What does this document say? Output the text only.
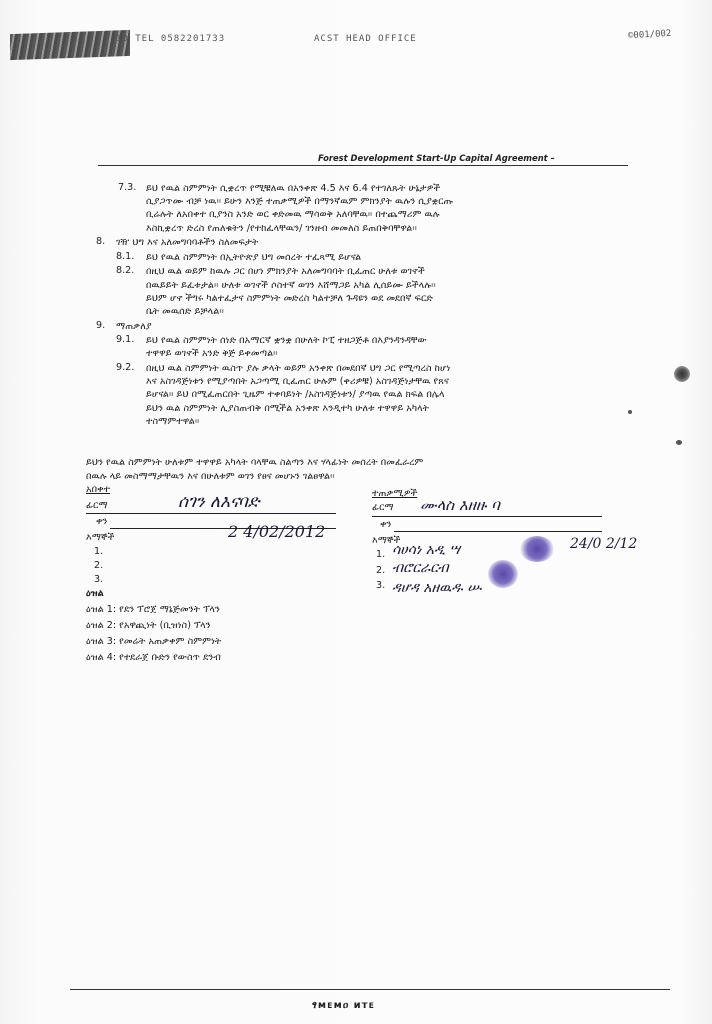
10 TEL 0582201733	ACST HEAD OFFICE	©001/002
Forest Development Start-Up Capital Agreement –
7.3. ይህ የዉል ስምምነት ሲቋረጥ የሚቹለዉ በአንቀጽ 4.5 እና 6.4 የተገለጹት ሁኔታዎች
ሲያጋጥሙ ብቻ ነዉ፡፡ ይሁን እንጅ ተጠቃሚዎች በማንኛዉም ምክንያት ዉሉን ሲያቋርጡ
ቢሬሉት ለአበቀተ ቢያንስ አንድ ወር ቀድመዉ ማሳወቅ አለባቸዉ፡፡ በተጨማሪም ዉሉ
እስኪቋረጥ ድረስ የጠለቁትን /የተከፈላቸዉን/ ገንዘብ መመለስ ይጠበቅባቸዋል፡፡
8. ገዥ ህግ እና አለመግባባቶችን ስለመፍታት
8.1. ይህ የዉል ስምምነት በኢትዮጵያ ህግ መሰረት ተፈጻሚ ይሆናል
8.2. በዚህ ዉል ወይም ከዉሉ ጋር በሆነ ምክንያት አለመግባባት ቢፈጠር ሁለቱ ወገኖች
በዉይይት ይፈቱታል፡፡ ሁለቱ ወገኖች ሶስተኛ ወገን እሸማጋይ አካል ሊሰይሙ ይችላሉ፡፡
ይህም ሆኖ ችግሩ ካልተፈታና ስምምነት መድረስ ካልተቻለ ጉዳዩን ወደ መደበኛ ፍርድ
ቤት መዉሰድ ይቻላል፡፡
9. ማጠቃለያ
9.1. ይህ የዉል ስምምነት ሰነድ በአማርኛ ቋንቋ በሁለት ኮፒ ተዘጋጅቶ በእያንዳንዳቸው
ተዋዋይ ወገኖች አንድ ቅጅ ይቀመጣል፡፡
9.2. በዚህ ዉል ስምምነት ዉስጥ ያሉ ቃላት ወይም አንቀጽ በመደበኛ ህግ ጋር የሚጣረስ ከሆነ
እና አስገዳጅነቱን የሚያጣበት አጋጣሚ ቢፈጠር ሁሉም (ቀሪዎቹ) አስገዳጅነታቸዉ የጸና
ይሆናል፡፡ ይህ በሚፈጠርበት ጊዜም ተቀባይነት /አስገዳጅነቱን/ ያጣዉ የዉል ክፍል በሌላ
ይህን ዉል ስምምነት ሊያስጠብቅ በሚችል አንቀጽ እንዲተካ ሁለቱ ተዋዋይ አካላት
ተስማምተዋል፡፡
ይህን የዉል ስምምነት ሁለቱም ተዋዋይ አካላት ባላቸዉ ስልጣን እና ሃላፊነት መሰረት በመፈራረም
በዉሉ ላይ መስማማታቸዉን እና በሁለቱም ወገን የፀና መሆኑን ገልፀዋል፡፡
አበቀተ
ፊርማ	ሰገን ለእናባድ
ቀን
2 4/02/2012
እማኞች
1.
2.
3.
ተጠቃሚዎች
ፊርማ ሙላስ እዘዙ ባ
ቀን
እማኞች	24/0 2/12
1. ሳሀሳነ አዲ ሣ
2. ብሮርራርብ
3. ዳሆዳ አዘዉዱ ሡ
ዕዝል
ዕዝል 1: የደን ፕሮጀ ማኔጅመንት ፕላን
ዕዝል 2: የአዋጪነት (ቢዝነስ) ፕላን
ዕዝል 3: የመሬት አጠቃቀም ስምምነት
ዕዝል 4: የተደራጀ ቡድን የውስጥ ደንብ
ፃᴍᴇᴍዐ ᴎᴛᴇ
